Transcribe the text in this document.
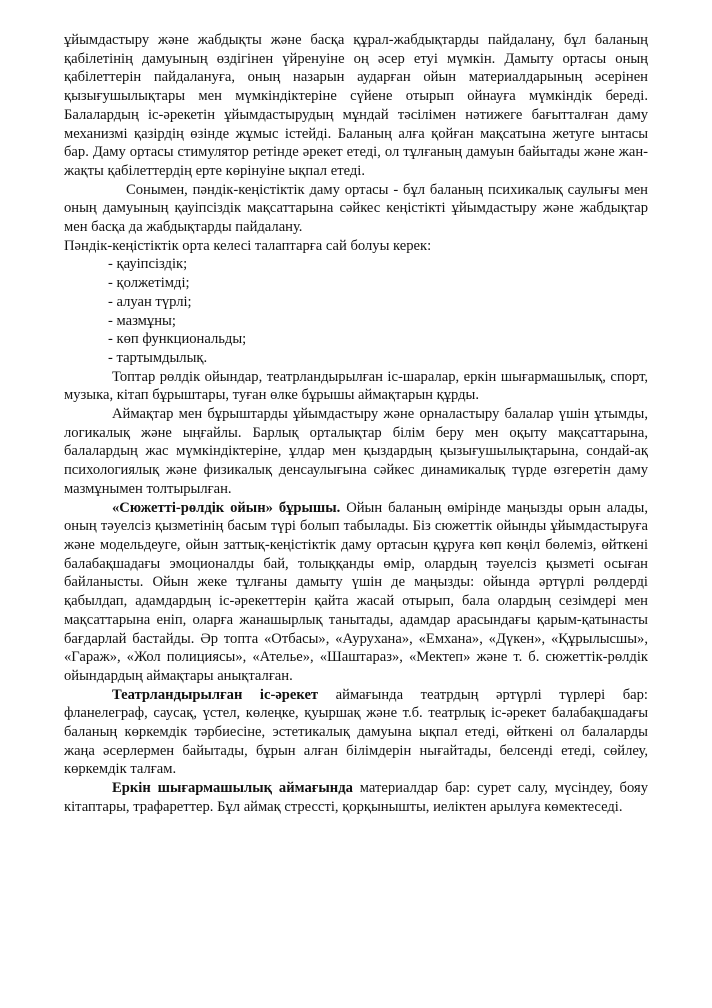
ұйымдастыру және жабдықты және басқа құрал-жабдықтарды пайдалану, бұл баланың қабілетінің дамуының өздігінен үйренуіне оң әсер етуі мүмкін. Дамыту ортасы оның қабілеттерін пайдалануға, оның назарын аударған ойын материалдарының әсерінен қызығушылықтары мен мүмкіндіктеріне сүйене отырып ойнауға мүмкіндік береді. Балалардың іс-әрекетін ұйымдастырудың мұндай тәсілімен нәтижеге бағытталған даму механизмі қазірдің өзінде жұмыс істейді. Баланың алға қойған мақсатына жетуге ынтасы бар. Даму ортасы стимулятор ретінде әрекет етеді, ол тұлғаның дамуын байытады және жан-жақты қабілеттердің ерте көрінуіне ықпал етеді.

Сонымен, пәндік-кеңістіктік даму ортасы - бұл баланың психикалық саулығы мен оның дамуының қауіпсіздік мақсаттарына сәйкес кеңістікті ұйымдастыру және жабдықтар мен басқа да жабдықтарды пайдалану.

Пәндік-кеңістіктік орта келесі талаптарға сай болуы керек:

- қауіпсіздік;
- қолжетімді;
- алуан түрлі;
- мазмұны;
- көп функциональды;
- тартымдылық.

Топтар рөлдік ойындар, театрландырылған іс-шаралар, еркін шығармашылық, спорт, музыка, кітап бұрыштары, туған өлке бұрышы аймақтарын құрды.

Аймақтар мен бұрыштарды ұйымдастыру және орналастыру балалар үшін ұтымды, логикалық және ыңғайлы. Барлық орталықтар білім беру мен оқыту мақсаттарына, балалардың жас мүмкіндіктеріне, ұлдар мен қыздардың қызығушылықтарына, сондай-ақ психологиялық және физикалық денсаулығына сәйкес динамикалық түрде өзгеретін даму мазмұнымен толтырылған.

«Сюжетті-рөлдік ойын» бұрышы. Ойын баланың өмірінде маңызды орын алады, оның тәуелсіз қызметінің басым түрі болып табылады. Біз сюжеттік ойынды ұйымдастыруға және модельдеуге, ойын заттық-кеңістіктік даму ортасын құруға көп көңіл бөлеміз, өйткені балабақшадағы эмоционалды бай, толыққанды өмір, олардың тәуелсіз қызметі осыған байланысты. Ойын жеке тұлғаны дамыту үшін де маңызды: ойында әртүрлі рөлдерді қабылдап, адамдардың іс-әрекеттерін қайта жасай отырып, бала олардың сезімдері мен мақсаттарына еніп, оларға жанашырлық танытады, адамдар арасындағы қарым-қатынасты бағдарлай бастайды. Әр топта «Отбасы», «Аурухана», «Емхана», «Дүкен», «Құрылысшы», «Гараж», «Жол полициясы», «Ательe», «Шаштараз», «Мектеп» және т. б. сюжеттік-рөлдік ойындардың аймақтары анықталған.

Театрландырылған іс-әрекет аймағында театрдың әртүрлі түрлері бар: фланелеграф, саусақ, үстел, көлеңке, қуыршақ және т.б. театрлық іс-әрекет балабақшадағы баланың көркемдік тәрбиесіне, эстетикалық дамуына ықпал етеді, өйткені ол балаларды жаңа әсерлермен байытады, бұрын алған білімдерін нығайтады, белсенді етеді, сөйлеу, көркемдік талғам.

Еркін шығармашылық аймағында материалдар бар: сурет салу, мүсіндеу, бояу кітаптары, трафареттер. Бұл аймақ стрессті, қорқынышты, иеліктен арылуға көмектеседі.
